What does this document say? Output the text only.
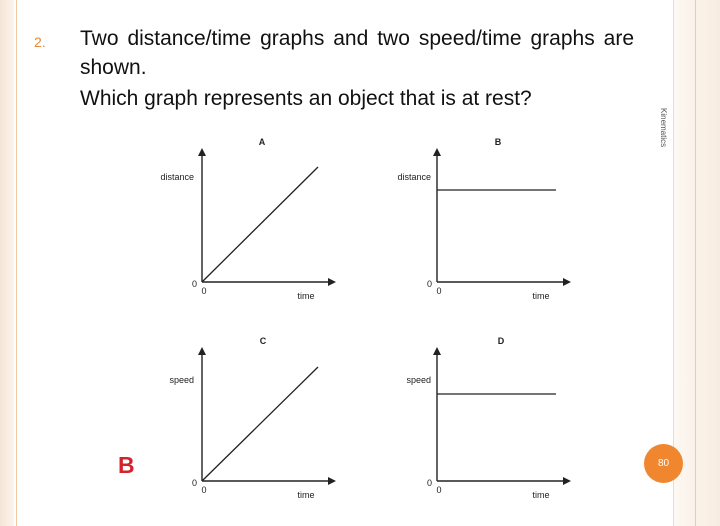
2. Two distance/time graphs and two speed/time graphs are shown.
Which graph represents an object that is at rest?
Kinematics
A
distance
time
0
0
B
distance
time
0
0
C
speed
time
0
0
D
speed
time
0
0
B	80
